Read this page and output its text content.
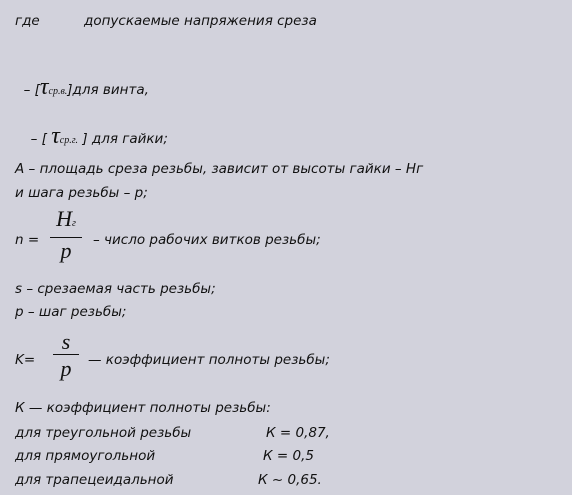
где	допускаемые напряжения среза

– [τср.в.]для винта,

– [ τср.г. ] для гайки;

A – площадь среза резьбы, зависит от высоты гайки – Нг
и шага резьбы – р;
n =
Hг
p	– число рабочих витков резьбы;
s – срезаемая часть резьбы;
р – шаг резьбы;
K=
s
p	— коэффициент полноты резьбы;
К — коэффициент полноты резьбы:
для треугольной резьбы	К = 0,87,
для прямоугольной	К = 0,5
для трапецеидальной	К ~ 0,65.
